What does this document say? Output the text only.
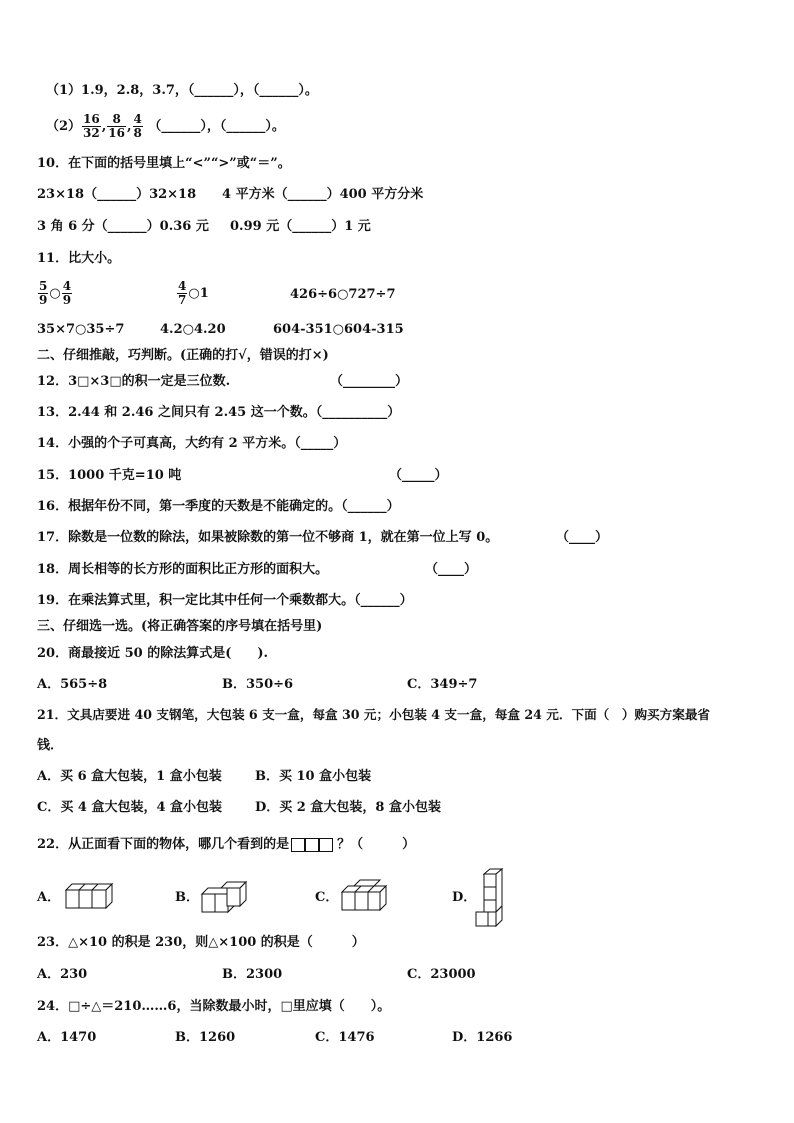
（1）1.9，2.8，3.7，（______），（______）。
$(2) \frac{16}{32}$ , $\frac{8}{16}$ , $\frac{4}{8}$ （______），（______）。
10．在下面的括号里填上“<”“>”或“＝”。
23×18（______）32×18 4 平方米（______）400 平方分米
3 角 6 分（______）0.36 元 0.99 元（______）1 元
11．比大小。
$\frac{5}{9}$ ○ $\frac{4}{9}$	$\frac{4}{7}$ ○1	426÷6○727÷7
35×7○35÷7	4.2○4.20	604-351○604-315
二、仔细推敲，巧判断。(正确的打√，错误的打×)
12．3□×3□的积一定是三位数.	（________）
13．2.44 和 2.46 之间只有 2.45 这一个数。（__________）
14．小强的个子可真高，大约有 2 平方米。（_____）
15．1000 千克=10 吨	（_____）
16．根据年份不同，第一季度的天数是不能确定的。（______）
17．除数是一位数的除法，如果被除数的第一位不够商 1，就在第一位上写 0。	（____）
18．周长相等的长方形的面积比正方形的面积大。	（____）
19．在乘法算式里，积一定比其中任何一个乘数都大。（______）
三、仔细选一选。(将正确答案的序号填在括号里)
20．商最接近 50 的除法算式是(　　).
A．565÷8	B．350÷6	C．349÷7
21．文具店要进 40 支钢笔，大包装 6 支一盒，每盒 30 元；小包装 4 支一盒，每盒 24 元．下面（　）购买方案最省
钱．
A．买 6 盒大包装，1 盒小包装	B．买 10 盒小包装
C．买 4 盒大包装，4 盒小包装	D．买 2 盒大包装，8 盒小包装
22．从正面看下面的物体，哪几个看到的是	？（　　　）
A．	B．	C．	D．
23．△×10 的积是 230，则△×100 的积是（　　　）
A．230	B．2300	C．23000
24．□÷△＝210……6，当除数最小时，□里应填（　　）。
A．1470	B．1260	C．1476	D．1266
